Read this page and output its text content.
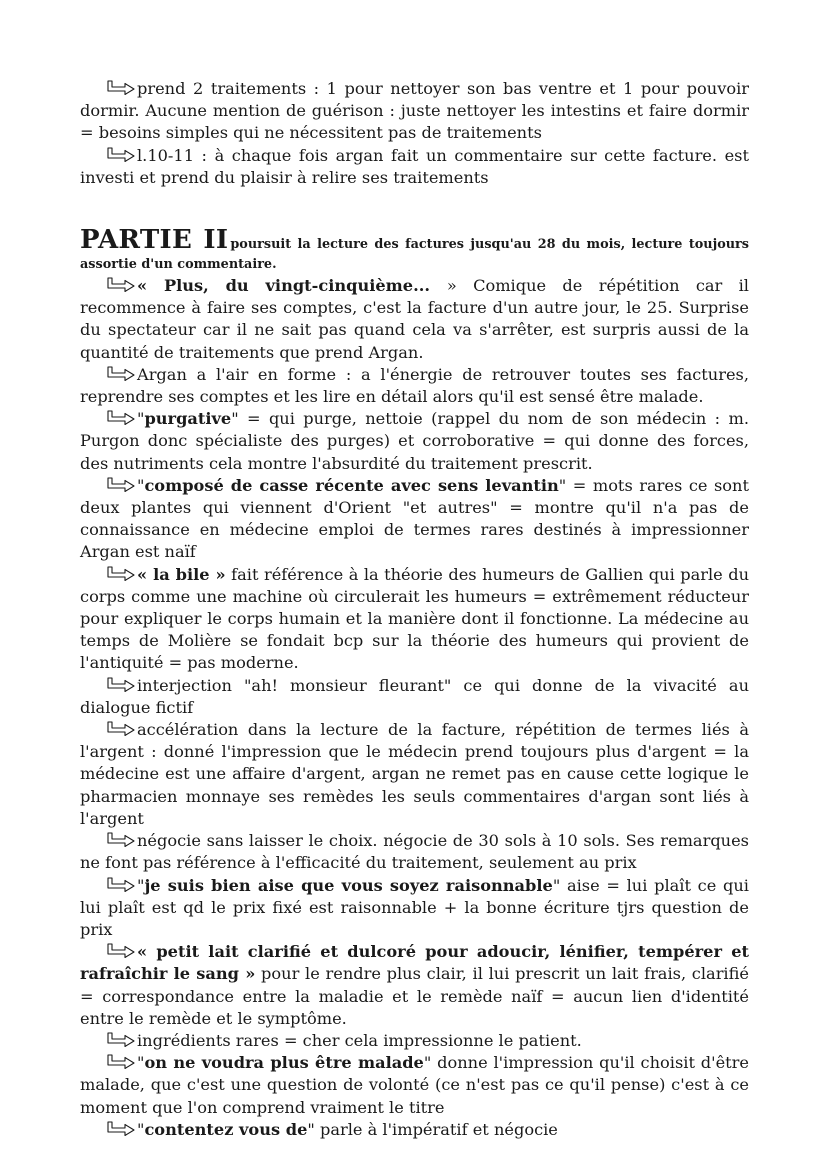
prend 2 traitements : 1 pour nettoyer son bas ventre et 1 pour pouvoir dormir. Aucune mention de guérison : juste nettoyer les intestins et faire dormir = besoins simples qui ne nécessitent pas de traitements

l.10-11 : à chaque fois argan fait un commentaire sur cette facture. est investi et prend du plaisir à relire ses traitements

PARTIE II poursuit la lecture des factures jusqu'au 28 du mois, lecture toujours assortie d'un commentaire.

« Plus, du vingt-cinquième... » Comique de répétition car il recommence à faire ses comptes, c'est la facture d'un autre jour, le 25. Surprise du spectateur car il ne sait pas quand cela va s'arrêter, est surpris aussi de la quantité de traitements que prend Argan.

Argan a l'air en forme : a l'énergie de retrouver toutes ses factures, reprendre ses comptes et les lire en détail alors qu'il est sensé être malade.

"purgative" = qui purge, nettoie (rappel du nom de son médecin : m. Purgon donc spécialiste des purges) et corroborative = qui donne des forces, des nutriments cela montre l'absurdité du traitement prescrit.

"composé de casse récente avec sens levantin" = mots rares ce sont deux plantes qui viennent d'Orient "et autres" = montre qu'il n'a pas de connaissance en médecine emploi de termes rares destinés à impressionner Argan est naïf

« la bile » fait référence à la théorie des humeurs de Gallien qui parle du corps comme une machine où circulerait les humeurs = extrêmement réducteur pour expliquer le corps humain et la manière dont il fonctionne. La médecine au temps de Molière se fondait bcp sur la théorie des humeurs qui provient de l'antiquité = pas moderne.

interjection "ah! monsieur fleurant" ce qui donne de la vivacité au dialogue fictif

accélération dans la lecture de la facture, répétition de termes liés à l'argent : donné l'impression que le médecin prend toujours plus d'argent = la médecine est une affaire d'argent, argan ne remet pas en cause cette logique le pharmacien monnaye ses remèdes les seuls commentaires d'argan sont liés à l'argent

négocie sans laisser le choix. négocie de 30 sols à 10 sols. Ses remarques ne font pas référence à l'efficacité du traitement, seulement au prix

"je suis bien aise que vous soyez raisonnable" aise = lui plaît ce qui lui plaît est qd le prix fixé est raisonnable + la bonne écriture tjrs question de prix

« petit lait clarifié et dulcoré pour adoucir, lénifier, tempérer et rafraîchir le sang » pour le rendre plus clair, il lui prescrit un lait frais, clarifié = correspondance entre la maladie et le remède naïf = aucun lien d'identité entre le remède et le symptôme.

ingrédients rares = cher cela impressionne le patient.

"on ne voudra plus être malade" donne l'impression qu'il choisit d'être malade, que c'est une question de volonté (ce n'est pas ce qu'il pense) c'est à ce moment que l'on comprend vraiment le titre

"contentez vous de" parle à l'impératif et négocie
